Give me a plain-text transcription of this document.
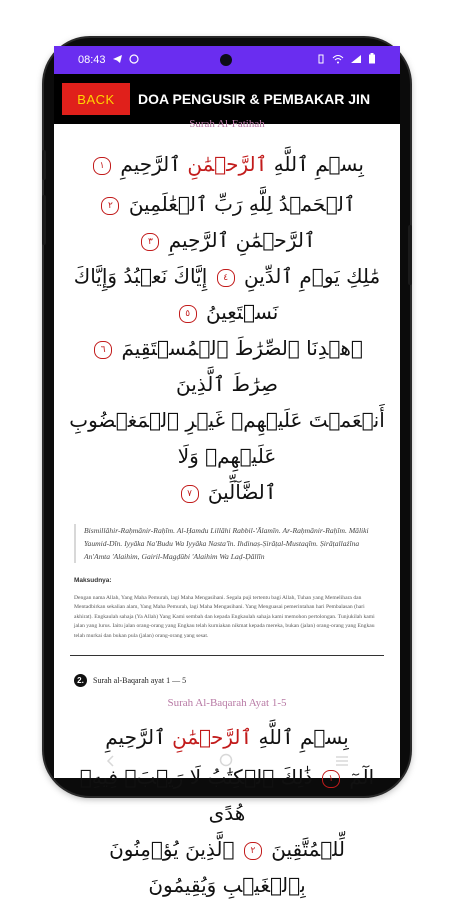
08:43
BACK	DOA PENGUSIR & PEMBAKAR JIN
Surah Al-Fatihah
بِسۡمِ ٱللَّهِ ٱلرَّحۡمَٰنِ ٱلرَّحِيمِ ١
ٱلۡحَمۡدُ لِلَّهِ رَبِّ ٱلۡعَٰلَمِينَ ٢ ٱلرَّحۡمَٰنِ ٱلرَّحِيمِ ٣
مَٰلِكِ يَوۡمِ ٱلدِّينِ ٤ إِيَّاكَ نَعۡبُدُ وَإِيَّاكَ نَسۡتَعِينُ ٥
ٱهۡدِنَا ٱلصِّرَٰطَ ٱلۡمُسۡتَقِيمَ ٦ صِرَٰطَ ٱلَّذِينَ
أَنۡعَمۡتَ عَلَيۡهِمۡ غَيۡرِ ٱلۡمَغۡضُوبِ عَلَيۡهِمۡ وَلَا
ٱلضَّآلِّينَ ٧
Bismillāhir-Raḥmānir-Raḥīm. Al-Ḥamdu Lillāhi Rabbil-'Ālamīn. Ar-Raḥmānir-Raḥīm. Māliki Yaumid-Dīn. Iyyāka Na'Budu Wa Iyyāka Nasta'īn. Ihdinaṣ-Ṣirāṭal-Mustaqīm. Ṣirāṭallażīna An'Amta 'Alaihim, Gairil-Magḍūbi 'Alaihim Wa Laḍ-Ḍāllīn
Maksudnya:
Dengan nama Allah, Yang Maha Pemurah, lagi Maha Mengasihani. Segala puji tertentu bagi Allah, Tuhan yang Memelihara dan Mentadbirkan sekalian alam, Yang Maha Pemurah, lagi Maha Mengasihani. Yang Menguasai pemerintahan hari Pembalasan (hari akhirat). Engkaulah sahaja (Ya Allah) Yang Kami sembah dan kepada Engkaulah sahaja kami memohon pertolongan. Tunjukilah kami jalan yang lurus. Iaitu jalan orang-orang yang Engkau telah kurniakan nikmat kepada mereka, bukan (jalan) orang-orang yang Engkau telah murkai dan bukan pula (jalan) orang-orang yang sesat.
2.	Surah al-Baqarah ayat 1 — 5
Surah Al-Baqarah Ayat 1-5
بِسۡمِ ٱللَّهِ ٱلرَّحۡمَٰنِ ٱلرَّحِيمِ
الٓمٓ ١ ذَٰلِكَ ٱلۡكِتَٰبُ لَا رَيۡبَۛ فِيهِۛ هُدًى
لِّلۡمُتَّقِينَ ٢ ٱلَّذِينَ يُؤۡمِنُونَ بِٱلۡغَيۡبِ وَيُقِيمُونَ
